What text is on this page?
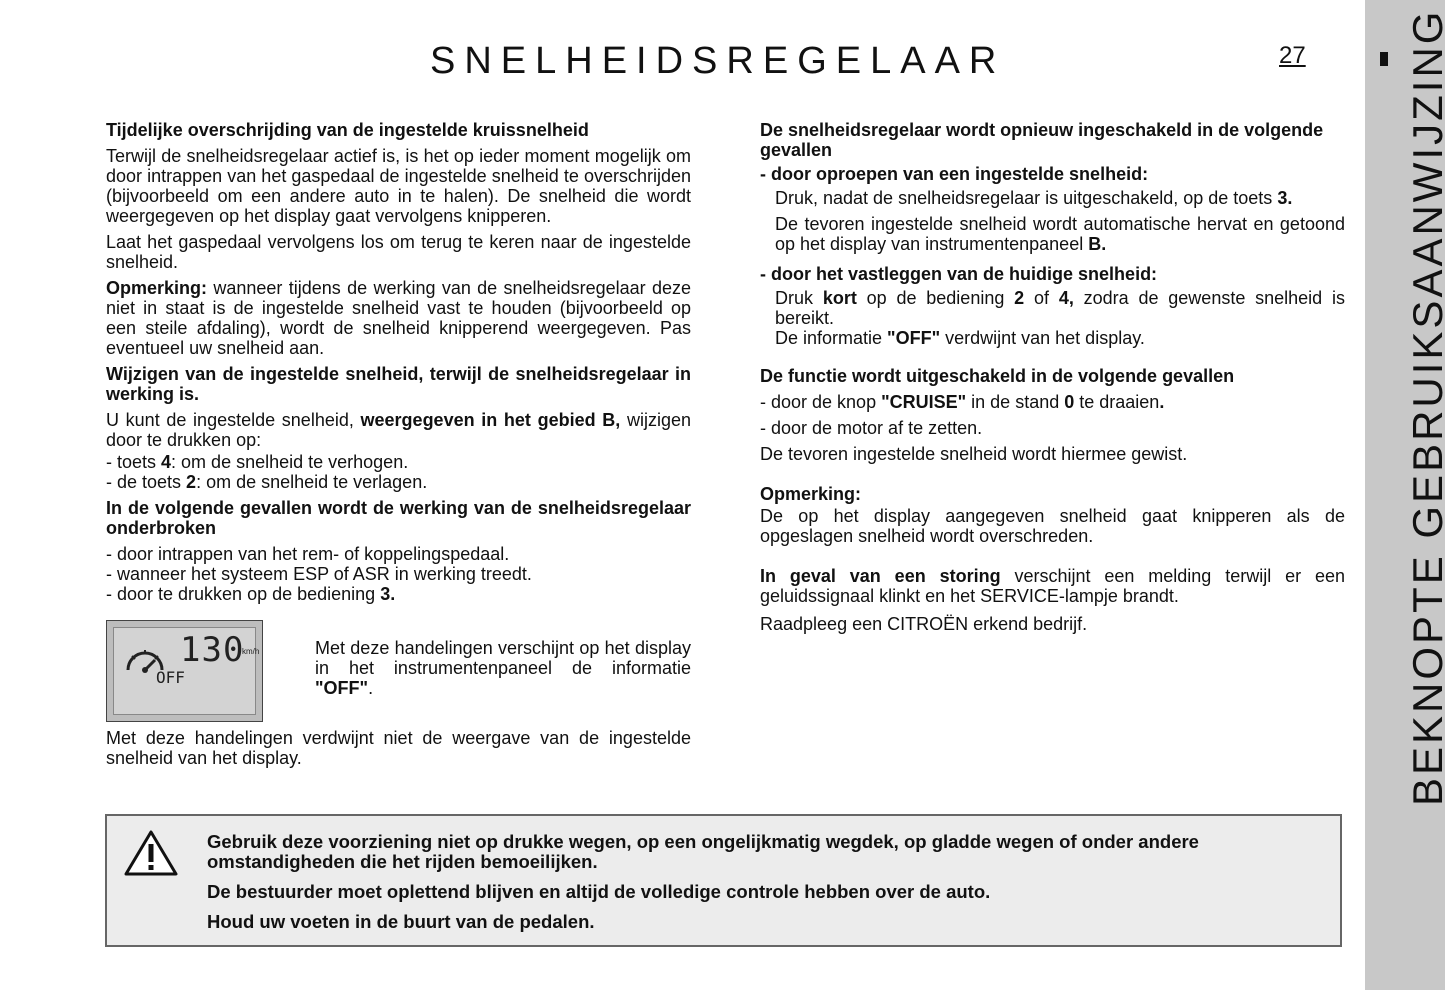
SNELHEIDSREGELAAR	27 BEKNOPTE GEBRUIKSAANWIJZING

Tijdelijke overschrijding van de ingestelde kruissnelheid

Terwijl de snelheidsregelaar actief is, is het op ieder moment mogelijk om door intrappen van het gaspedaal de ingestelde snelheid te overschrijden (bijvoorbeeld om een andere auto in te halen). De snelheid die wordt weergegeven op het display gaat vervolgens knipperen.

Laat het gaspedaal vervolgens los om terug te keren naar de ingestelde snelheid.

Opmerking: wanneer tijdens de werking van de snelheidsregelaar deze niet in staat is de ingestelde snelheid vast te houden (bijvoorbeeld op een steile afdaling), wordt de snelheid knipperend weergegeven. Pas eventueel uw snelheid aan.

Wijzigen van de ingestelde snelheid, terwijl de snelheidsregelaar in werking is.

U kunt de ingestelde snelheid, weergegeven in het gebied B, wijzigen door te drukken op:

- toets 4: om de snelheid te verhogen.
- de toets 2: om de snelheid te verlagen.

In de volgende gevallen wordt de werking van de snelheidsregelaar onderbroken

- door intrappen van het rem- of koppelingspedaal.
- wanneer het systeem ESP of ASR in werking treedt.
- door te drukken op de bediening 3.
130
km/h
OFF
Met deze handelingen verschijnt op het display in het instrumentenpaneel de informatie "OFF".

Met deze handelingen verdwijnt niet de weergave van de ingestelde snelheid van het display.

De snelheidsregelaar wordt opnieuw ingeschakeld in de volgende gevallen

- door oproepen van een ingestelde snelheid:

Druk, nadat de snelheidsregelaar is uitgeschakeld, op de toets 3.

De tevoren ingestelde snelheid wordt automatische hervat en getoond op het display van instrumentenpaneel B.

- door het vastleggen van de huidige snelheid:

Druk kort op de bediening 2 of 4, zodra de gewenste snelheid is bereikt.

De informatie "OFF" verdwijnt van het display.

De functie wordt uitgeschakeld in de volgende gevallen

- door de knop "CRUISE" in de stand 0 te draaien.

- door de motor af te zetten.

De tevoren ingestelde snelheid wordt hiermee gewist.

Opmerking:

De op het display aangegeven snelheid gaat knipperen als de opgeslagen snelheid wordt overschreden.

In geval van een storing verschijnt een melding terwijl er een geluidssignaal klinkt en het SERVICE-lampje brandt.

Raadpleeg een CITROËN erkend bedrijf.

Gebruik deze voorziening niet op drukke wegen, op een ongelijkmatig wegdek, op gladde wegen of onder andere omstandigheden die het rijden bemoeilijken.

De bestuurder moet oplettend blijven en altijd de volledige controle hebben over de auto.

Houd uw voeten in de buurt van de pedalen.
